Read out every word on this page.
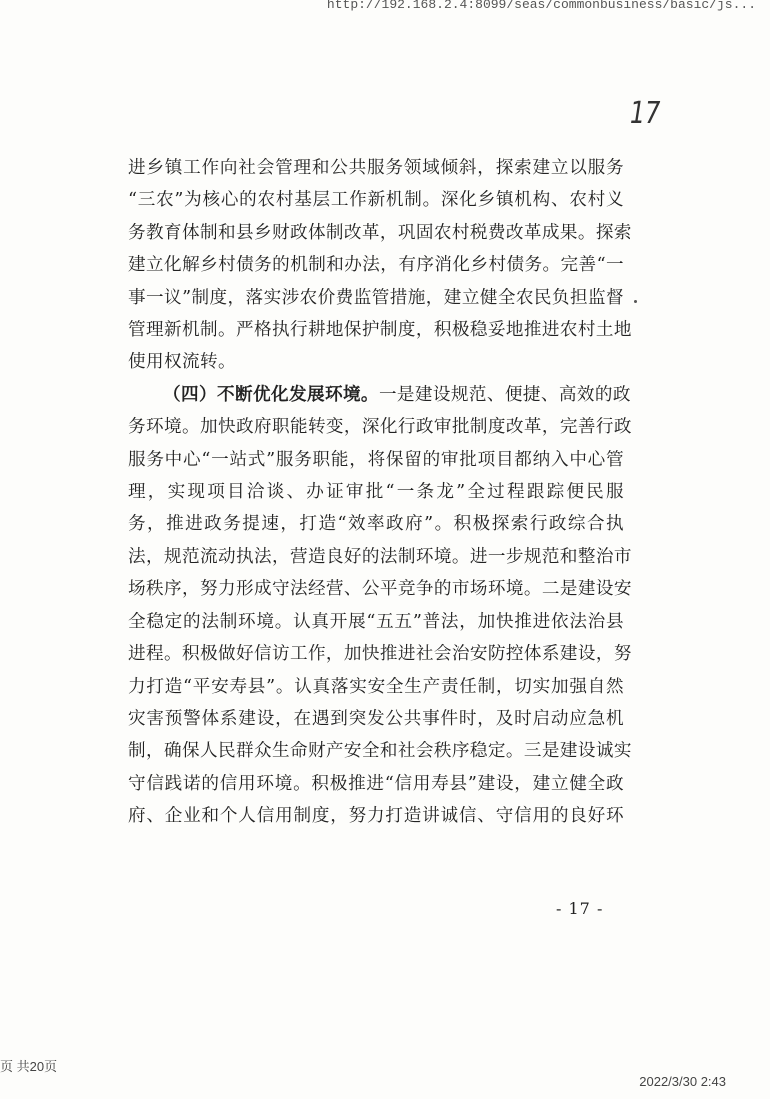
http://192.168.2.4:8099/seas/commonbusiness/basic/js...
17
进乡镇工作向社会管理和公共服务领域倾斜，探索建立以服务
“三农”为核心的农村基层工作新机制。深化乡镇机构、农村义
务教育体制和县乡财政体制改革，巩固农村税费改革成果。探索
建立化解乡村债务的机制和办法，有序消化乡村债务。完善“一
事一议”制度，落实涉农价费监管措施，建立健全农民负担监督
管理新机制。严格执行耕地保护制度，积极稳妥地推进农村土地
使用权流转。
（四）不断优化发展环境。一是建设规范、便捷、高效的政
务环境。加快政府职能转变，深化行政审批制度改革，完善行政
服务中心“一站式”服务职能，将保留的审批项目都纳入中心管
理，实现项目洽谈、办证审批“一条龙”全过程跟踪便民服
务，推进政务提速，打造“效率政府”。积极探索行政综合执
法，规范流动执法，营造良好的法制环境。进一步规范和整治市
场秩序，努力形成守法经营、公平竞争的市场环境。二是建设安
全稳定的法制环境。认真开展“五五”普法，加快推进依法治县
进程。积极做好信访工作，加快推进社会治安防控体系建设，努
力打造“平安寿县”。认真落实安全生产责任制，切实加强自然
灾害预警体系建设，在遇到突发公共事件时，及时启动应急机
制，确保人民群众生命财产安全和社会秩序稳定。三是建设诚实
守信践诺的信用环境。积极推进“信用寿县”建设，建立健全政
府、企业和个人信用制度，努力打造讲诚信、守信用的良好环
- 17 -
页 共20页
2022/3/30 2:43
